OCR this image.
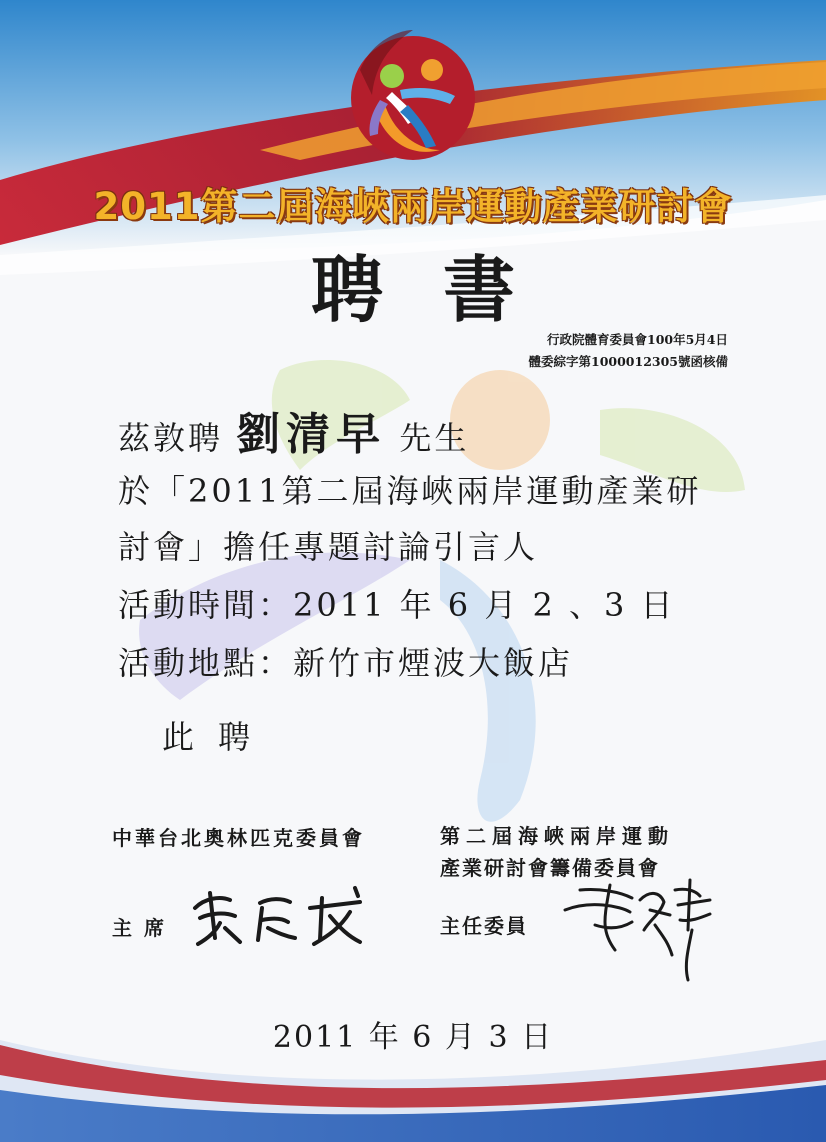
2011第二屆海峽兩岸運動產業研討會
聘書
行政院體育委員會100年5月4日
體委綜字第1000012305號函核備
茲敦聘 劉清早 先生
於「2011第二屆海峽兩岸運動產業研
討會」擔任專題討論引言人
活動時間：2011 年 6 月 2 、3 日
活動地點：新竹市煙波大飯店
此聘
中華台北奧林匹克委員會	第二屆海峽兩岸運動
產業研討會籌備委員會
主席	主任委員
2011 年 6 月 3 日
